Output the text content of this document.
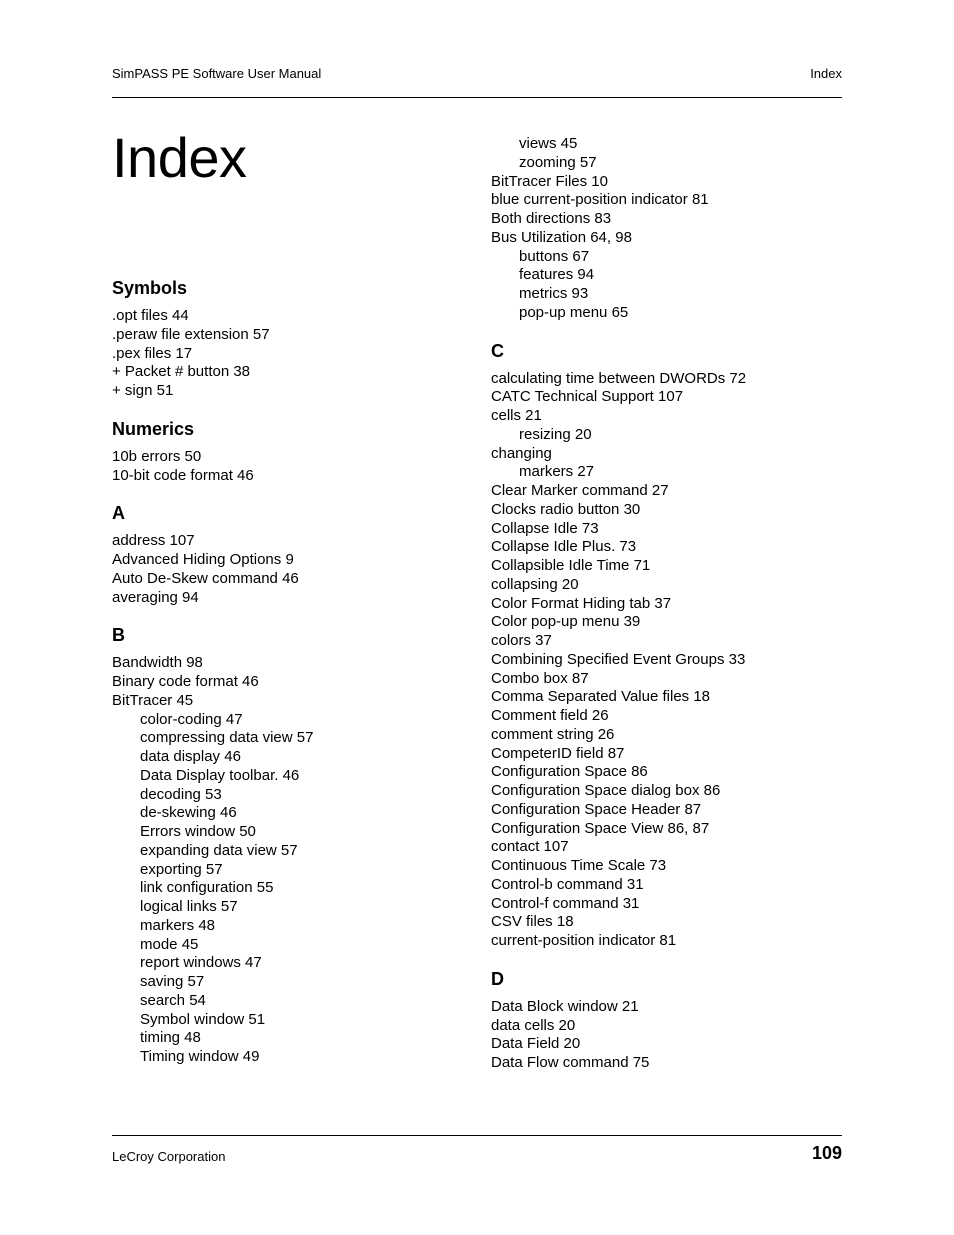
SimPASS PE Software User Manual	Index
Index
Symbols
.opt files 44
.peraw file extension 57
.pex files 17
+ Packet # button 38
+ sign 51
Numerics
10b errors 50
10-bit code format 46
A
address 107
Advanced Hiding Options 9
Auto De-Skew command 46
averaging 94
B
Bandwidth 98
Binary code format 46
BitTracer 45
color-coding 47
compressing data view 57
data display 46
Data Display toolbar. 46
decoding 53
de-skewing 46
Errors window 50
expanding data view 57
exporting 57
link configuration 55
logical links 57
markers 48
mode 45
report windows 47
saving 57
search 54
Symbol window 51
timing 48
Timing window 49
views 45
zooming 57
BitTracer Files 10
blue current-position indicator 81
Both directions 83
Bus Utilization 64, 98
buttons 67
features 94
metrics 93
pop-up menu 65
C
calculating time between DWORDs 72
CATC Technical Support 107
cells 21
resizing 20
changing
markers 27
Clear Marker command 27
Clocks radio button 30
Collapse Idle 73
Collapse Idle Plus. 73
Collapsible Idle Time 71
collapsing 20
Color Format Hiding tab 37
Color pop-up menu 39
colors 37
Combining Specified Event Groups 33
Combo box 87
Comma Separated Value files 18
Comment field 26
comment string 26
CompeterID field 87
Configuration Space 86
Configuration Space dialog box 86
Configuration Space Header 87
Configuration Space View 86, 87
contact 107
Continuous Time Scale 73
Control-b command 31
Control-f command 31
CSV files 18
current-position indicator 81
D
Data Block window 21
data cells 20
Data Field 20
Data Flow command 75
LeCroy Corporation	109
